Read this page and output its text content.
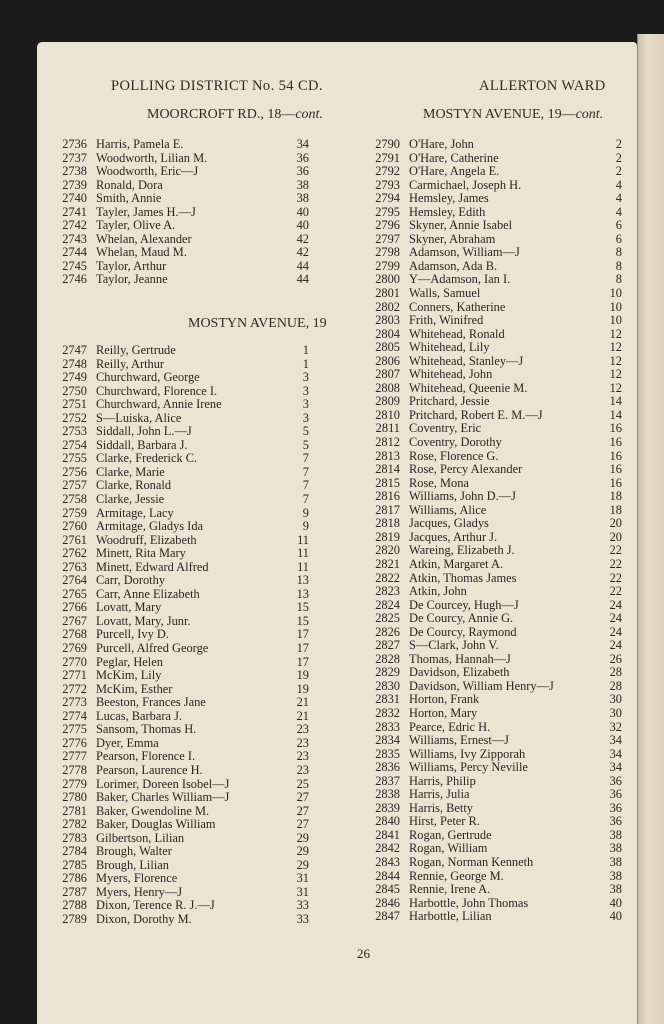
POLLING DISTRICT No. 54 CD.	ALLERTON WARD
MOORCROFT RD., 18—cont.	MOSTYN AVENUE, 19—cont.
2736 Harris, Pamela E.	34
2737 Woodworth, Lilian M.	36
2738 Woodworth, Eric—J	36
2739 Ronald, Dora	38
2740 Smith, Annie	38
2741 Tayler, James H.—J	40
2742 Tayler, Olive A.	40
2743 Whelan, Alexander	42
2744 Whelan, Maud M.	42
2745 Taylor, Arthur	44
2746 Taylor, Jeanne	44
MOSTYN AVENUE, 19
2747 Reilly, Gertrude	1
2748 Reilly, Arthur	1
2749 Churchward, George	3
2750 Churchward, Florence I.	3
2751 Churchward, Annie Irene	3
2752 S—Luiska, Alice	3
2753 Siddall, John L.—J	5
2754 Siddall, Barbara J.	5
2755 Clarke, Frederick C.	7
2756 Clarke, Marie	7
2757 Clarke, Ronald	7
2758 Clarke, Jessie	7
2759 Armitage, Lacy	9
2760 Armitage, Gladys Ida	9
2761 Woodruff, Elizabeth	11
2762 Minett, Rita Mary	11
2763 Minett, Edward Alfred	11
2764 Carr, Dorothy	13
2765 Carr, Anne Elizabeth	13
2766 Lovatt, Mary	15
2767 Lovatt, Mary, Junr.	15
2768 Purcell, Ivy D.	17
2769 Purcell, Alfred George	17
2770 Peglar, Helen	17
2771 McKim, Lily	19
2772 McKim, Esther	19
2773 Beeston, Frances Jane	21
2774 Lucas, Barbara J.	21
2775 Sansom, Thomas H.	23
2776 Dyer, Emma	23
2777 Pearson, Florence I.	23
2778 Pearson, Laurence H.	23
2779 Lorimer, Doreen Isobel—J	25
2780 Baker, Charles William—J	27
2781 Baker, Gwendoline M.	27
2782 Baker, Douglas William	27
2783 Gilbertson, Lilian	29
2784 Brough, Walter	29
2785 Brough, Lilian	29
2786 Myers, Florence	31
2787 Myers, Henry—J	31
2788 Dixon, Terence R. J.—J	33
2789 Dixon, Dorothy M.	33
2790 O'Hare, John	2
2791 O'Hare, Catherine	2
2792 O'Hare, Angela E.	2
2793 Carmichael, Joseph H.	4
2794 Hemsley, James	4
2795 Hemsley, Edith	4
2796 Skyner, Annie Isabel	6
2797 Skyner, Abraham	6
2798 Adamson, William—J	8
2799 Adamson, Ada B.	8
2800 Y—Adamson, Ian I.	8
2801 Walls, Samuel	10
2802 Conners, Katherine	10
2803 Frith, Winifred	10
2804 Whitehead, Ronald	12
2805 Whitehead, Lily	12
2806 Whitehead, Stanley—J	12
2807 Whitehead, John	12
2808 Whitehead, Queenie M.	12
2809 Pritchard, Jessie	14
2810 Pritchard, Robert E. M.—J	14
2811 Coventry, Eric	16
2812 Coventry, Dorothy	16
2813 Rose, Florence G.	16
2814 Rose, Percy Alexander	16
2815 Rose, Mona	16
2816 Williams, John D.—J	18
2817 Williams, Alice	18
2818 Jacques, Gladys	20
2819 Jacques, Arthur J.	20
2820 Wareing, Elizabeth J.	22
2821 Atkin, Margaret A.	22
2822 Atkin, Thomas James	22
2823 Atkin, John	22
2824 De Courcey, Hugh—J	24
2825 De Courcy, Annie G.	24
2826 De Courcy, Raymond	24
2827 S—Clark, John V.	24
2828 Thomas, Hannah—J	26
2829 Davidson, Elizabeth	28
2830 Davidson, William Henry—J	28
2831 Horton, Frank	30
2832 Horton, Mary	30
2833 Pearce, Edric H.	32
2834 Williams, Ernest—J	34
2835 Williams, Ivy Zipporah	34
2836 Williams, Percy Neville	34
2837 Harris, Philip	36
2838 Harris, Julia	36
2839 Harris, Betty	36
2840 Hirst, Peter R.	36
2841 Rogan, Gertrude	38
2842 Rogan, William	38
2843 Rogan, Norman Kenneth	38
2844 Rennie, George M.	38
2845 Rennie, Irene A.	38
2846 Harbottle, John Thomas	40
2847 Harbottle, Lilian	40
26
